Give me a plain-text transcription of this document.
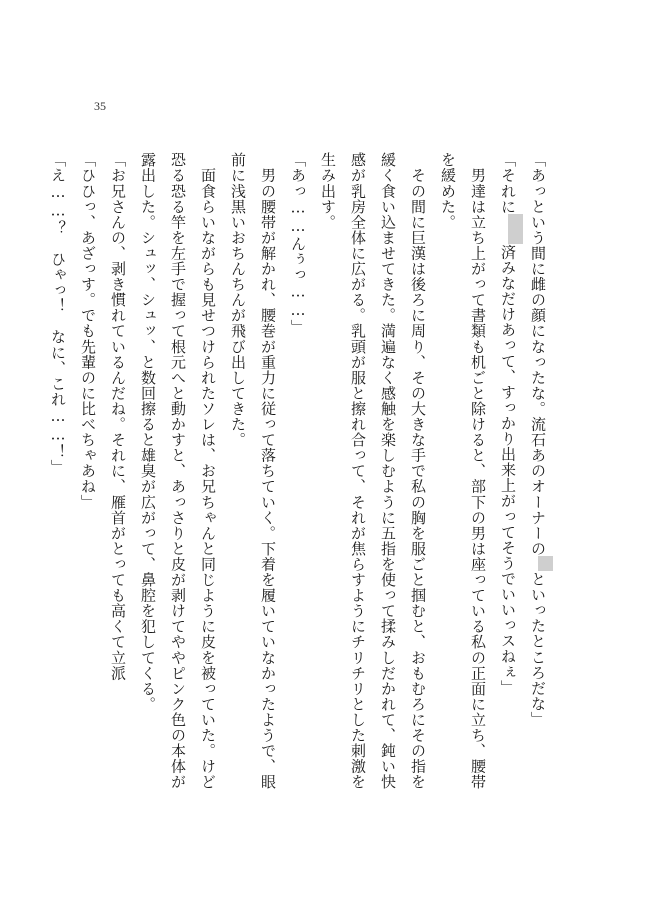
35

「あっという間に雌の顔になったな。流石あのオーナーのといったところだな」

「それに済みなだけあって、すっかり出来上がってそうでいいっスねぇ」

　男達は立ち上がって書類も机ごと除けると、部下の男は座っている私の正面に立ち、腰帯を緩めた。

　その間に巨漢は後ろに周り、その大きな手で私の胸を服ごと掴むと、おもむろにその指を緩く食い込ませてきた。満遍なく感触を楽しむように五指を使って揉みしだかれて、鈍い快感が乳房全体に広がる。乳頭が服と擦れ合って、それが焦らすようにチリチリとした刺激を生み出す。

「あっ……んぅっ……」

　男の腰帯が解かれ、腰巻が重力に従って落ちていく。下着を履いていなかったようで、眼前に浅黒いおちんちんが飛び出してきた。

　面食らいながらも見せつけられたソレは、お兄ちゃんと同じように皮を被っていた。けど恐る恐る竿を左手で握って根元へと動かすと、あっさりと皮が剥けてややピンク色の本体が露出した。シュッ、シュッ、と数回擦ると雄臭が広がって、鼻腔を犯してくる。

「お兄さんの、剥き慣れているんだね。それに、雁首がとっても高くて立派

「ひひっ、あざっす。でも先輩のに比べちゃあね」

「え……？　ひゃっ！　なに、これ……！」
